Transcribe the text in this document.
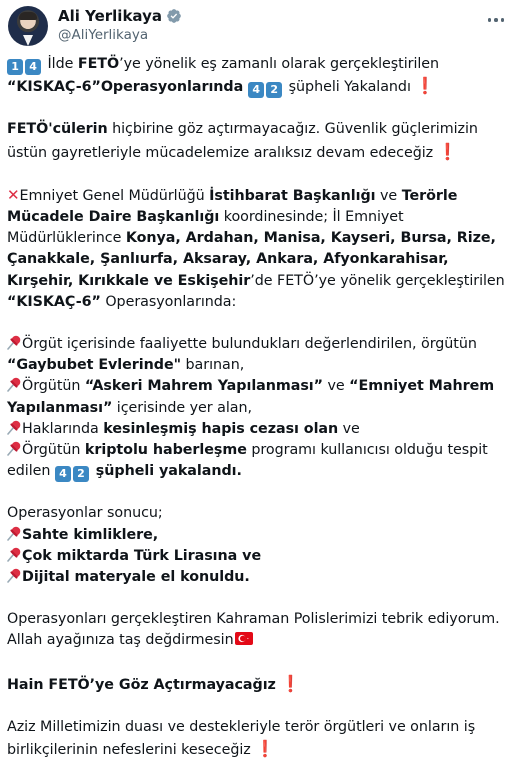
Ali Yerlikaya
@AliYerlikaya

1 4 İlde FETÖ’ye yönelik eş zamanlı olarak gerçekleştirilen
“KISKAÇ-6”Operasyonlarında 4 2 şüpheli Yakalandı ❗

FETÖ'cülerin hiçbirine göz açtırmayacağız. Güvenlik güçlerimizin üstün gayretleriyle mücadelemize aralıksız devam edeceğiz ❗

✕Emniyet Genel Müdürlüğü İstihbarat Başkanlığı ve Terörle Mücadele Daire Başkanlığı koordinesinde; İl Emniyet Müdürlüklerince Konya, Ardahan, Manisa, Kayseri, Bursa, Rize, Çanakkale, Şanlıurfa, Aksaray, Ankara, Afyonkarahisar, Kırşehir, Kırıkkale ve Eskişehir’de FETÖ’ye yönelik gerçekleştirilen “KISKAÇ-6” Operasyonlarında:

Örgüt içerisinde faaliyette bulundukları değerlendirilen, örgütün “Gaybubet Evlerinde" barınan,
Örgütün “Askeri Mahrem Yapılanması” ve “Emniyet Mahrem Yapılanması” içerisinde yer alan,
Haklarında kesinleşmiş hapis cezası olan ve
Örgütün kriptolu haberleşme programı kullanıcısı olduğu tespit edilen 4 2 şüpheli yakalandı.

Operasyonlar sonucu;
Sahte kimliklere,
Çok miktarda Türk Lirasına ve
Dijital materyale el konuldu.

Operasyonları gerçekleştiren Kahraman Polislerimizi tebrik ediyorum. Allah ayağınıza taş değdirmesin

Hain FETÖ’ye Göz Açtırmayacağız ❗

Aziz Milletimizin duası ve destekleriyle terör örgütleri ve onların iş birlikçilerinin nefeslerini keseceğiz ❗
